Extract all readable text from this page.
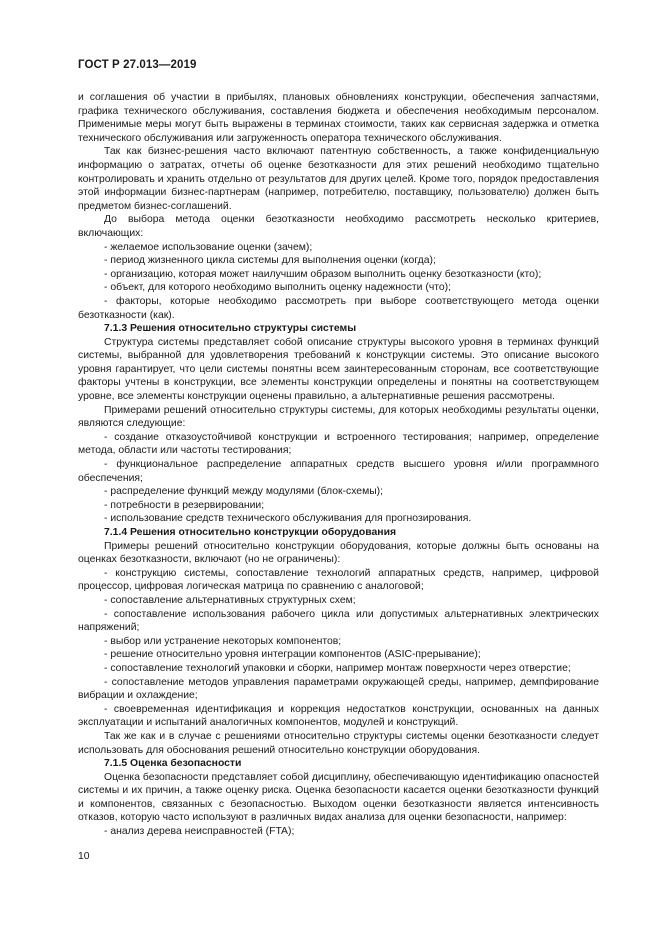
ГОСТ Р 27.013—2019

и соглашения об участии в прибылях, плановых обновлениях конструкции, обеспечения запчастями, графика технического обслуживания, составления бюджета и обеспечения необходимым персоналом. Применимые меры могут быть выражены в терминах стоимости, таких как сервисная задержка и отметка технического обслуживания или загруженность оператора технического обслуживания.

Так как бизнес-решения часто включают патентную собственность, а также конфиденциальную информацию о затратах, отчеты об оценке безотказности для этих решений необходимо тщательно контролировать и хранить отдельно от результатов для других целей. Кроме того, порядок предоставления этой информации бизнес-партнерам (например, потребителю, поставщику, пользователю) должен быть предметом бизнес-соглашений.

До выбора метода оценки безотказности необходимо рассмотреть несколько критериев, включающих:

- желаемое использование оценки (зачем);

- период жизненного цикла системы для выполнения оценки (когда);

- организацию, которая может наилучшим образом выполнить оценку безотказности (кто);

- объект, для которого необходимо выполнить оценку надежности (что);

- факторы, которые необходимо рассмотреть при выборе соответствующего метода оценки безотказности (как).

7.1.3 Решения относительно структуры системы

Структура системы представляет собой описание структуры высокого уровня в терминах функций системы, выбранной для удовлетворения требований к конструкции системы. Это описание высокого уровня гарантирует, что цели системы понятны всем заинтересованным сторонам, все соответствующие факторы учтены в конструкции, все элементы конструкции определены и понятны на соответствующем уровне, все элементы конструкции оценены правильно, а альтернативные решения рассмотрены.

Примерами решений относительно структуры системы, для которых необходимы результаты оценки, являются следующие:

- создание отказоустойчивой конструкции и встроенного тестирования; например, определение метода, области или частоты тестирования;

- функциональное распределение аппаратных средств высшего уровня и/или программного обеспечения;

- распределение функций между модулями (блок-схемы);

- потребности в резервировании;

- использование средств технического обслуживания для прогнозирования.

7.1.4 Решения относительно конструкции оборудования

Примеры решений относительно конструкции оборудования, которые должны быть основаны на оценках безотказности, включают (но не ограничены):

- конструкцию системы, сопоставление технологий аппаратных средств, например, цифровой процессор, цифровая логическая матрица по сравнению с аналоговой;

- сопоставление альтернативных структурных схем;

- сопоставление использования рабочего цикла или допустимых альтернативных электрических напряжений;

- выбор или устранение некоторых компонентов;

- решение относительно уровня интеграции компонентов (ASIC-прерывание);

- сопоставление технологий упаковки и сборки, например монтаж поверхности через отверстие;

- сопоставление методов управления параметрами окружающей среды, например, демпфирование вибрации и охлаждение;

- своевременная идентификация и коррекция недостатков конструкции, основанных на данных эксплуатации и испытаний аналогичных компонентов, модулей и конструкций.

Так же как и в случае с решениями относительно структуры системы оценки безотказности следует использовать для обоснования решений относительно конструкции оборудования.

7.1.5 Оценка безопасности

Оценка безопасности представляет собой дисциплину, обеспечивающую идентификацию опасностей системы и их причин, а также оценку риска. Оценка безопасности касается оценки безотказности функций и компонентов, связанных с безопасностью. Выходом оценки безотказности является интенсивность отказов, которую часто используют в различных видах анализа для оценки безопасности, например:

- анализ дерева неисправностей (FTA);

10
